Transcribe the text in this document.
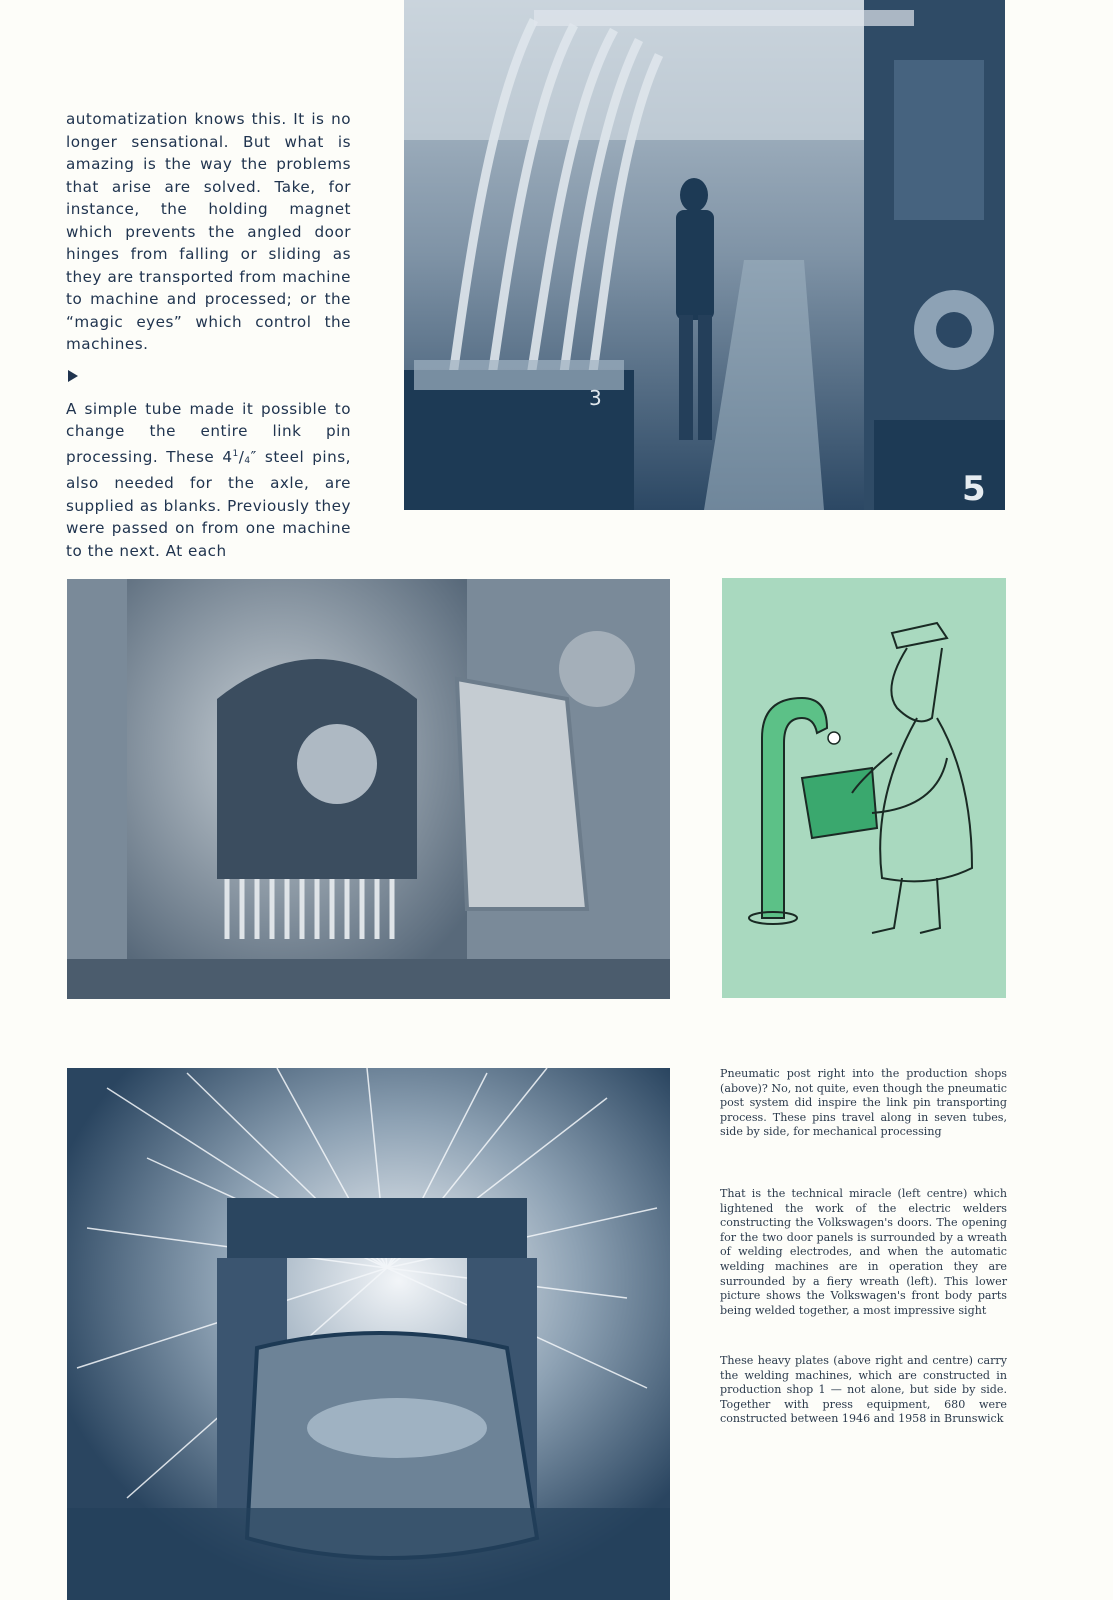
automatization knows this. It is no longer sensational. But what is amazing is the way the problems that arise are solved. Take, for instance, the holding magnet which prevents the angled door hinges from falling or sliding as they are transported from machine to machine and processed; or the “magic eyes” which control the machines.

A simple tube made it possible to change the entire link pin processing. These $4^1/4''$ steel pins, also needed for the axle, are supplied as blanks. Previously they were passed on from one machine to the next. At each

5
3
Pneumatic post right into the production shops (above)? No, not quite, even though the pneumatic post system did inspire the link pin transporting process. These pins travel along in seven tubes, side by side, for mechanical processing
That is the technical miracle (left centre) which lightened the work of the electric welders constructing the Volkswagen's doors. The opening for the two door panels is surrounded by a wreath of welding electrodes, and when the automatic welding machines are in operation they are surrounded by a fiery wreath (left). This lower picture shows the Volkswagen's front body parts being welded together, a most impressive sight
These heavy plates (above right and centre) carry the welding machines, which are constructed in production shop 1 — not alone, but side by side. Together with press equipment, 680 were constructed between 1946 and 1958 in Brunswick
